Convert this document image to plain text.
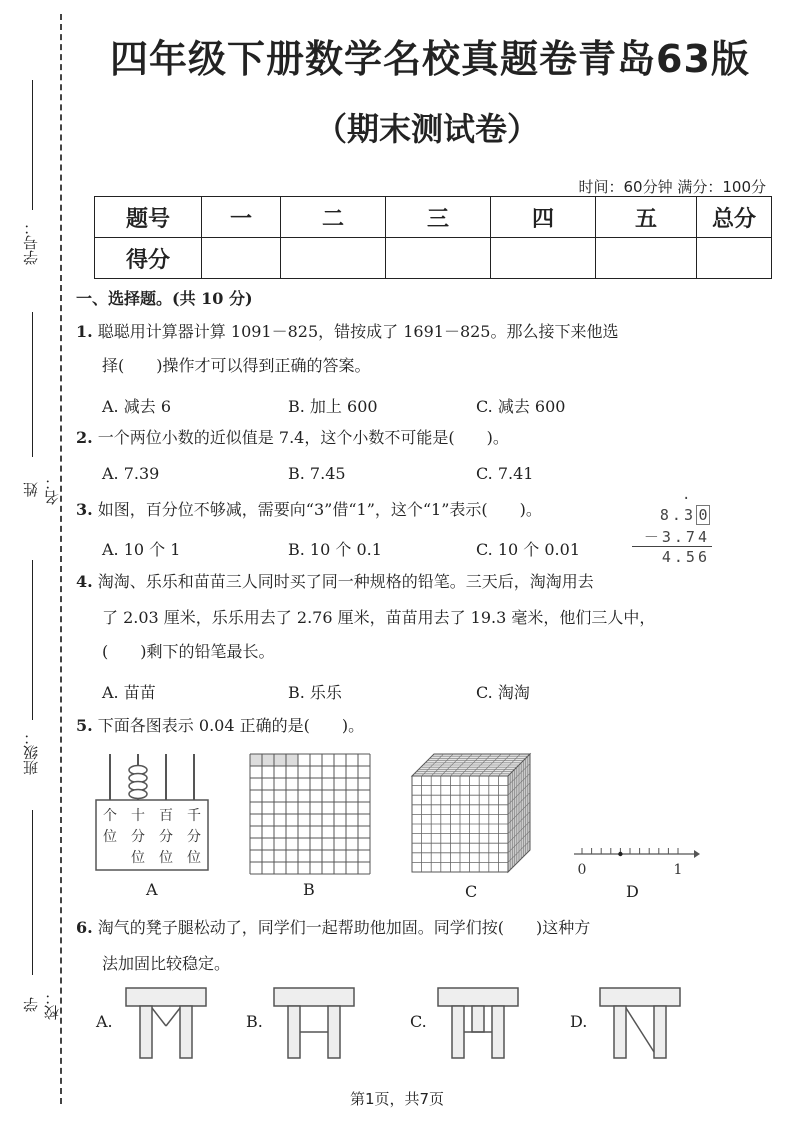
学号：
姓名：
班级：
学校：
四年级下册数学名校真题卷青岛63版
（期末测试卷）
时间：60分钟 满分：100分
题号	一	二	三	四	五	总分
得分						
一、选择题。(共 10 分)
1. 聪聪用计算器计算 1091－825，错按成了 1691－825。那么接下来他选
择(　　)操作才可以得到正确的答案。
A. 减去 6	B. 加上 600	C. 减去 600
2. 一个两位小数的近似值是 7.4，这个小数不可能是(　　)。
A. 7.39	B. 7.45	C. 7.41
3. 如图，百分位不够减，需要向“3”借“1”，这个“1”表示(　　)。
A. 10 个 1	B. 10 个 0.1	C. 10 个 0.01
·
8.3 0
－3.74
4.56
4. 淘淘、乐乐和苗苗三人同时买了同一种规格的铅笔。三天后，淘淘用去
了 2.03 厘米，乐乐用去了 2.76 厘米，苗苗用去了 19.3 毫米，他们三人中，
(　　)剩下的铅笔最长。
A. 苗苗	B. 乐乐	C. 淘淘
5. 下面各图表示 0.04 正确的是(　　)。
个 十 百 千
位 分 分 分
位 位 位
A	B	C
0	1
D
6. 淘气的凳子腿松动了，同学们一起帮助他加固。同学们按(　　)这种方
法加固比较稳定。
A.	B.	C.	D.
第1页，共7页
